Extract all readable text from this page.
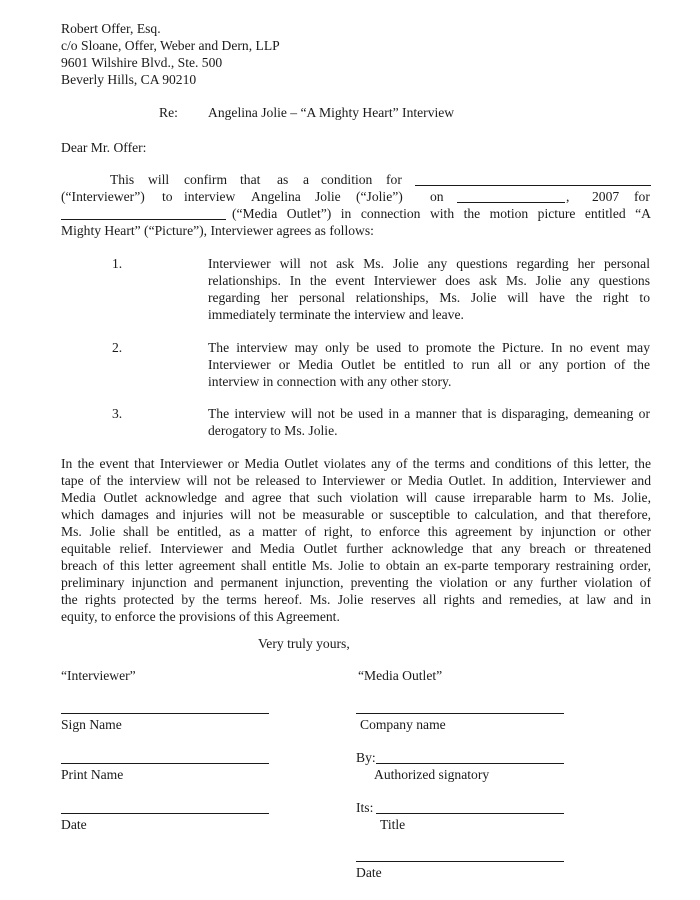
Robert Offer, Esq.
c/o Sloane, Offer, Weber and Dern, LLP
9601 Wilshire Blvd., Ste. 500
Beverly Hills, CA 90210
Re: Angelina Jolie – “A Mighty Heart” Interview
Dear Mr. Offer:
This will confirm that as a condition for
(“Interviewer”) to interview Angelina Jolie (“Jolie”) on	, 2007 for
(“Media Outlet”) in connection with the motion picture entitled “A
Mighty Heart” (“Picture”), Interviewer agrees as follows:
1.	Interviewer will not ask Ms. Jolie any questions regarding her personal
relationships. In the event Interviewer does ask Ms. Jolie any questions
regarding her personal relationships, Ms. Jolie will have the right to
immediately terminate the interview and leave.
2.	The interview may only be used to promote the Picture. In no event may
Interviewer or Media Outlet be entitled to run all or any portion of the
interview in connection with any other story.
3.	The interview will not be used in a manner that is disparaging, demeaning or
derogatory to Ms. Jolie.
In the event that Interviewer or Media Outlet violates any of the terms and conditions of this letter, the
tape of the interview will not be released to Interviewer or Media Outlet. In addition, Interviewer and
Media Outlet acknowledge and agree that such violation will cause irreparable harm to Ms. Jolie,
which damages and injuries will not be measurable or susceptible to calculation, and that therefore,
Ms. Jolie shall be entitled, as a matter of right, to enforce this agreement by injunction or other
equitable relief. Interviewer and Media Outlet further acknowledge that any breach or threatened
breach of this letter agreement shall entitle Ms. Jolie to obtain an ex-parte temporary restraining order,
preliminary injunction and permanent injunction, preventing the violation or any further violation of
the rights protected by the terms hereof. Ms. Jolie reserves all rights and remedies, at law and in
equity, to enforce the provisions of this Agreement.
Very truly yours,
“Interviewer”
Sign Name
Print Name
Date
“Media Outlet”
Company name
By:
Authorized signatory
Its:
Title
Date
